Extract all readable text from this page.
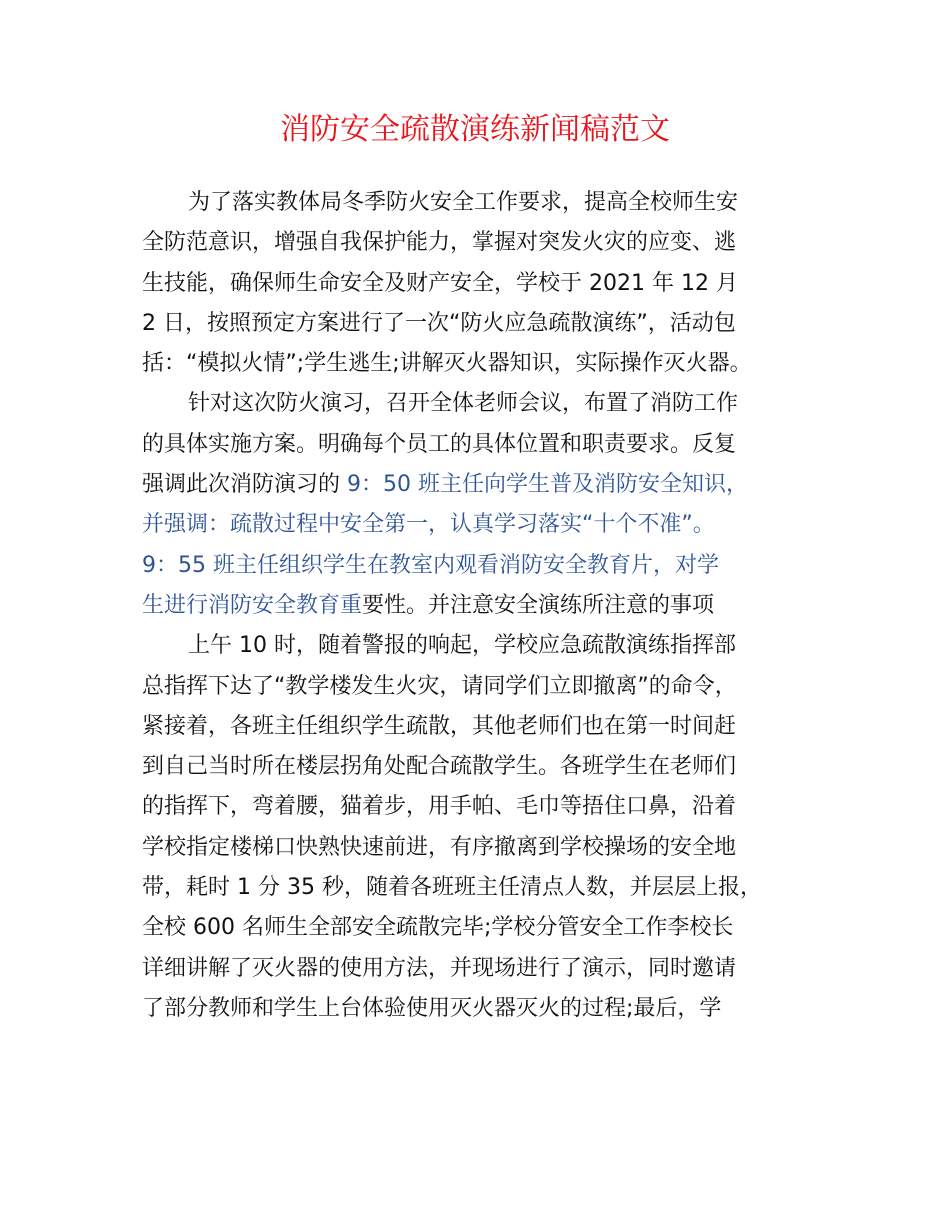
消防安全疏散演练新闻稿范文
为了落实教体局冬季防火安全工作要求，提高全校师生安
全防范意识，增强自我保护能力，掌握对突发火灾的应变、逃
生技能，确保师生命安全及财产安全，学校于 2021 年 12 月
2 日，按照预定方案进行了一次“防火应急疏散演练”，活动包
括：“模拟火情”;学生逃生;讲解灭火器知识，实际操作灭火器。
针对这次防火演习，召开全体老师会议，布置了消防工作
的具体实施方案。明确每个员工的具体位置和职责要求。反复
强调此次消防演习的 9：50 班主任向学生普及消防安全知识，
并强调：疏散过程中安全第一，认真学习落实“十个不准”。
9：55 班主任组织学生在教室内观看消防安全教育片，对学
生进行消防安全教育重要性。并注意安全演练所注意的事项
上午 10 时，随着警报的响起，学校应急疏散演练指挥部
总指挥下达了“教学楼发生火灾，请同学们立即撤离”的命令，
紧接着，各班主任组织学生疏散，其他老师们也在第一时间赶
到自己当时所在楼层拐角处配合疏散学生。各班学生在老师们
的指挥下，弯着腰，猫着步，用手帕、毛巾等捂住口鼻，沿着
学校指定楼梯口快熟快速前进，有序撤离到学校操场的安全地
带，耗时 1 分 35 秒，随着各班班主任清点人数，并层层上报，
全校 600 名师生全部安全疏散完毕;学校分管安全工作李校长
详细讲解了灭火器的使用方法，并现场进行了演示，同时邀请
了部分教师和学生上台体验使用灭火器灭火的过程;最后，学
